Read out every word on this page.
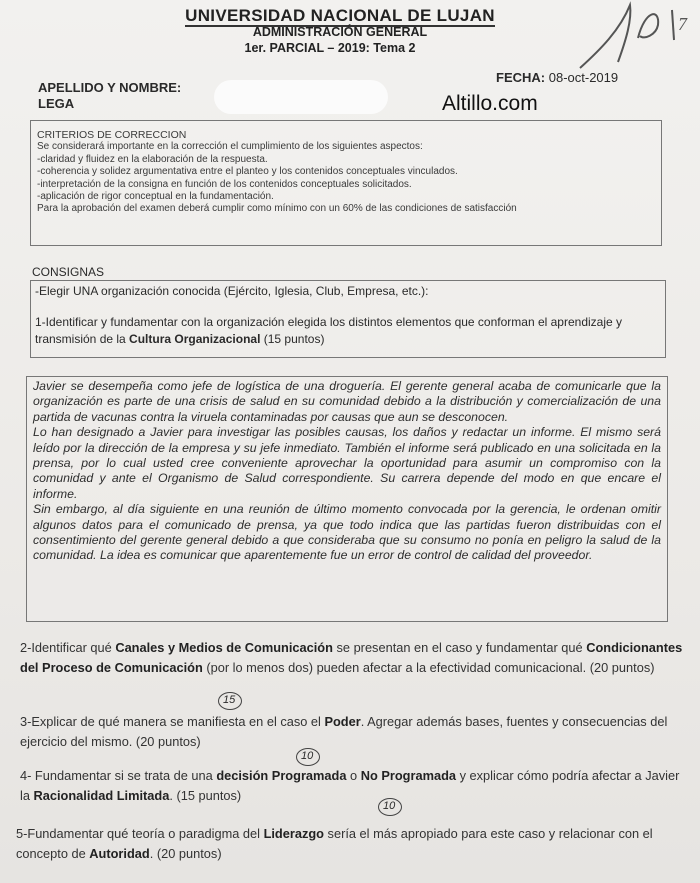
UNIVERSIDAD NACIONAL DE LUJAN
ADMINISTRACIÓN GENERAL
1er. PARCIAL – 2019: Tema 2
7
APELLIDO Y NOMBRE:
LEGA
FECHA: 08-oct-2019
Altillo.com
CRITERIOS DE CORRECCION
Se considerará importante en la corrección el cumplimiento de los siguientes aspectos:
-claridad y fluidez en la elaboración de la respuesta.
-coherencia y solidez argumentativa entre el planteo y los contenidos conceptuales vinculados.
-interpretación de la consigna en función de los contenidos conceptuales solicitados.
-aplicación de rigor conceptual en la fundamentación.
Para la aprobación del examen deberá cumplir como mínimo con un 60% de las condiciones de satisfacción
CONSIGNAS
-Elegir UNA organización conocida (Ejército, Iglesia, Club, Empresa, etc.):
1-Identificar y fundamentar con la organización elegida los distintos elementos que conforman el aprendizaje y transmisión de la Cultura Organizacional (15 puntos)
Javier se desempeña como jefe de logística de una droguería. El gerente general acaba de comunicarle que la organización es parte de una crisis de salud en su comunidad debido a la distribución y comercialización de una partida de vacunas contra la viruela contaminadas por causas que aun se desconocen.
Lo han designado a Javier para investigar las posibles causas, los daños y redactar un informe. El mismo será leído por la dirección de la empresa y su jefe inmediato. También el informe será publicado en una solicitada en la prensa, por lo cual usted cree conveniente aprovechar la oportunidad para asumir un compromiso con la comunidad y ante el Organismo de Salud correspondiente. Su carrera depende del modo en que encare el informe.
Sin embargo, al día siguiente en una reunión de último momento convocada por la gerencia, le ordenan omitir algunos datos para el comunicado de prensa, ya que todo indica que las partidas fueron distribuidas con el consentimiento del gerente general debido a que consideraba que su consumo no ponía en peligro la salud de la comunidad. La idea es comunicar que aparentemente fue un error de control de calidad del proveedor.
2-Identificar qué Canales y Medios de Comunicación se presentan en el caso y fundamentar qué Condicionantes del Proceso de Comunicación (por lo menos dos) pueden afectar a la efectividad comunicacional. (20 puntos)
15
3-Explicar de qué manera se manifiesta en el caso el Poder. Agregar además bases, fuentes y consecuencias del ejercicio del mismo. (20 puntos)
10
4- Fundamentar si se trata de una decisión Programada o No Programada y explicar cómo podría afectar a Javier la Racionalidad Limitada. (15 puntos)
10
5-Fundamentar qué teoría o paradigma del Liderazgo sería el más apropiado para este caso y relacionar con el concepto de Autoridad. (20 puntos)
